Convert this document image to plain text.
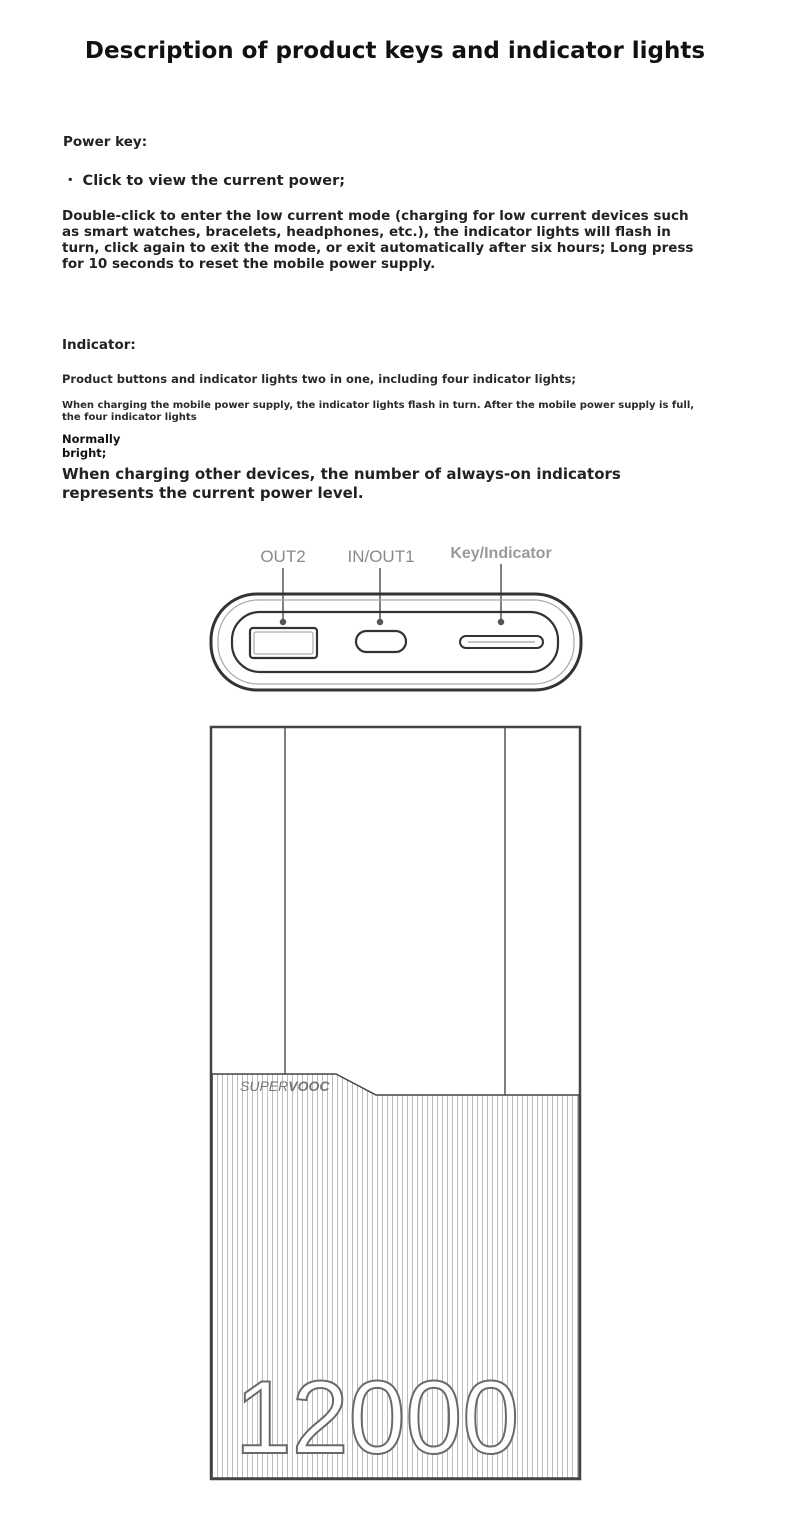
Description of product keys and indicator lights
Power key:
・ Click to view the current power;
Double-click to enter the low current mode (charging for low current devices such
as smart watches, bracelets, headphones, etc.), the indicator lights will flash in
turn, click again to exit the mode, or exit automatically after six hours; Long press
for 10 seconds to reset the mobile power supply.
Indicator:
Product buttons and indicator lights two in one, including four indicator lights;
When charging the mobile power supply, the indicator lights flash in turn. After the mobile power supply is full,
the four indicator lights
Normally
bright;
When charging other devices, the number of always-on indicators
represents the current power level.
OUT2 IN/OUT1 Key/Indicator
SUPERVOOC
12000
